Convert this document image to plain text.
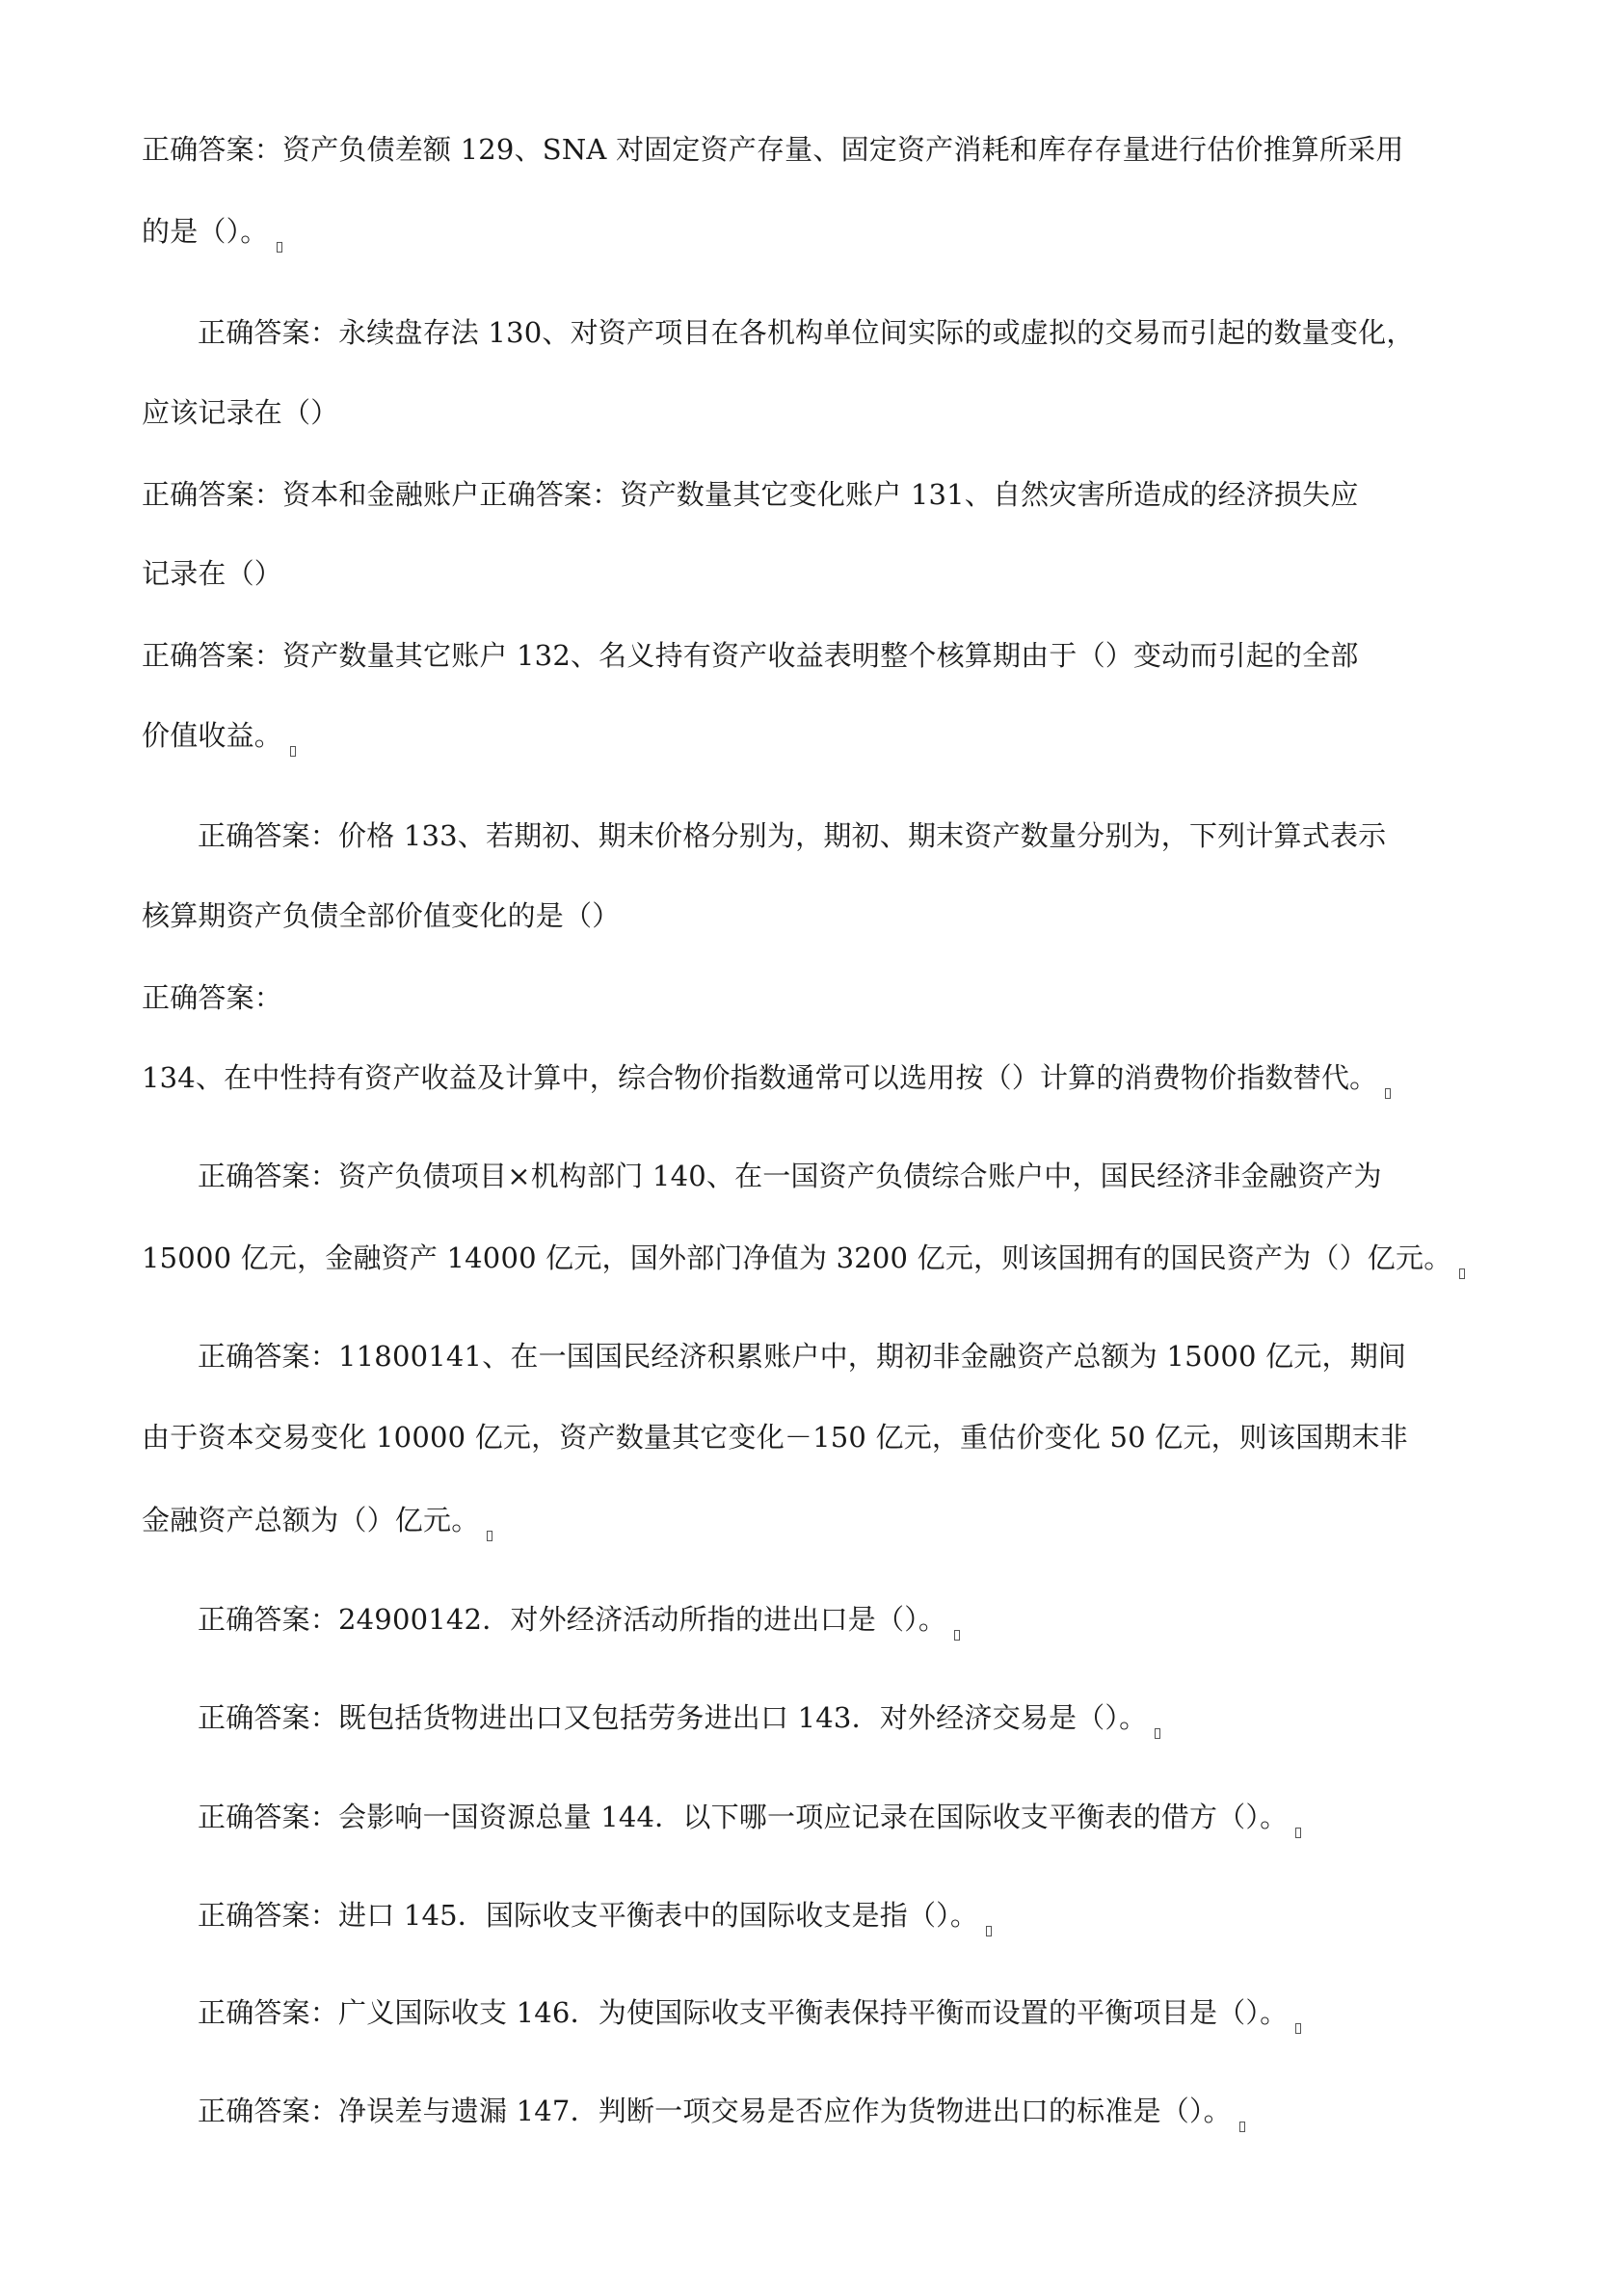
正确答案：资产负债差额 129、SNA 对固定资产存量、固定资产消耗和库存存量进行估价推算所采用
的是（）。
正确答案：永续盘存法 130、对资产项目在各机构单位间实际的或虚拟的交易而引起的数量变化，
应该记录在（）
正确答案：资本和金融账户正确答案：资产数量其它变化账户 131、自然灾害所造成的经济损失应
记录在（）
正确答案：资产数量其它账户 132、名义持有资产收益表明整个核算期由于（）变动而引起的全部
价值收益。
正确答案：价格 133、若期初、期末价格分别为，期初、期末资产数量分别为，下列计算式表示
核算期资产负债全部价值变化的是（）
正确答案：
134、在中性持有资产收益及计算中，综合物价指数通常可以选用按（）计算的消费物价指数替代。
正确答案：资产负债项目×机构部门 140、在一国资产负债综合账户中，国民经济非金融资产为
15000 亿元，金融资产 14000 亿元，国外部门净值为 3200 亿元，则该国拥有的国民资产为（）亿元。
正确答案：11800141、在一国国民经济积累账户中，期初非金融资产总额为 15000 亿元，期间
由于资本交易变化 10000 亿元，资产数量其它变化－150 亿元，重估价变化 50 亿元，则该国期末非
金融资产总额为（）亿元。
正确答案：24900142．对外经济活动所指的进出口是（）。
正确答案：既包括货物进出口又包括劳务进出口 143．对外经济交易是（）。
正确答案：会影响一国资源总量 144．以下哪一项应记录在国际收支平衡表的借方（）。
正确答案：进口 145．国际收支平衡表中的国际收支是指（）。
正确答案：广义国际收支 146．为使国际收支平衡表保持平衡而设置的平衡项目是（）。
正确答案：净误差与遗漏 147．判断一项交易是否应作为货物进出口的标准是（）。
